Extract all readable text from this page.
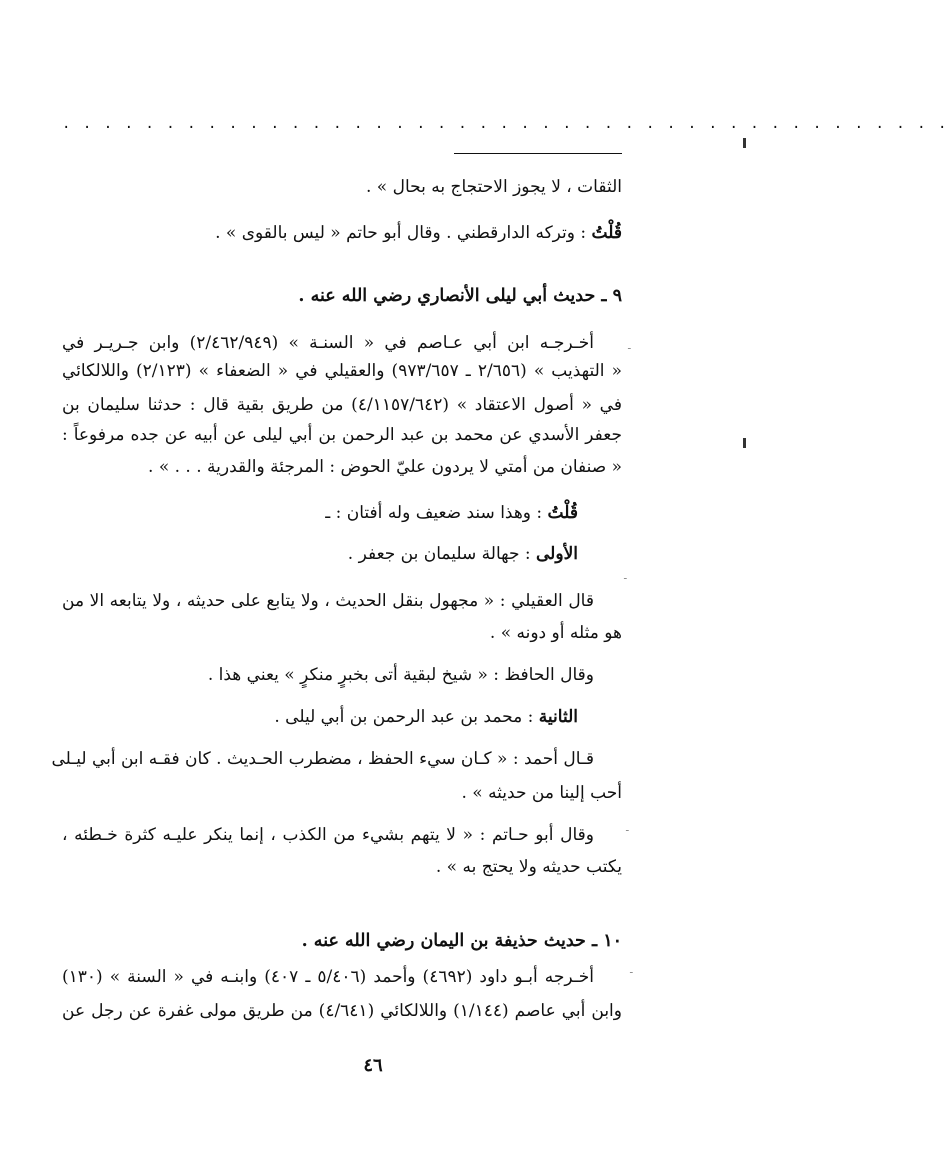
. . . . . . . . . . . . . . . . . . . . . . . . . . . . . . . . . . . . . . . . . . .
الثقات ، لا يجوز الاحتجاج به بحال » .
قُلْتُ : وتركه الدارقطني . وقال أبو حاتم « ليس بالقوى » .
٩ ـ حديث أبي ليلى الأنصاري رضي الله عنه .
أخـرجـه ابن أبي عـاصم في « السنـة » (٢/٤٦٢/٩٤٩) وابن جـريـر في
« التهذيب » (٢/٦٥٦ ـ ٩٧٣/٦٥٧) والعقيلي في « الضعفاء » (٢/١٢٣) واللالكائي
في « أصول الاعتقاد » (٤/١١٥٧/٦٤٢) من طريق بقية قال : حدثنا سليمان بن
جعفر الأسدي عن محمد بن عبد الرحمن بن أبي ليلى عن أبيه عن جده مرفوعاً :
« صنفان من أمتي لا يردون عليّ الحوض : المرجئة والقدرية . . . » .
قُلْتُ : وهذا سند ضعيف وله أفتان : ـ
الأولى : جهالة سليمان بن جعفر .
قال العقيلي : « مجهول بنقل الحديث ، ولا يتابع على حديثه ، ولا يتابعه الا من
هو مثله أو دونه » .
وقال الحافظ : « شيخ لبقية أتى بخبرٍ منكرٍ » يعني هذا .
الثانية : محمد بن عبد الرحمن بن أبي ليلى .
قـال أحمد : « كـان سيء الحفظ ، مضطرب الحـديث . كان فقـه ابن أبي ليـلى
أحب إلينا من حديثه » .
وقال أبو حـاتم : « لا يتهم بشيء من الكذب ، إنما ينكر عليـه كثرة خـطئه ،
يكتب حديثه ولا يحتج به » .
١٠ ـ حديث حذيفة بن اليمان رضي الله عنه .
أخـرجه أبـو داود (٤٦٩٢) وأحمد (٥/٤٠٦ ـ ٤٠٧) وابنـه في « السنة » (١٣٠)
وابن أبي عاصم (١/١٤٤) واللالكائي (٤/٦٤١) من طريق مولى غفرة عن رجل عن
٤٦
ـ
ـ
ـ
ـ
